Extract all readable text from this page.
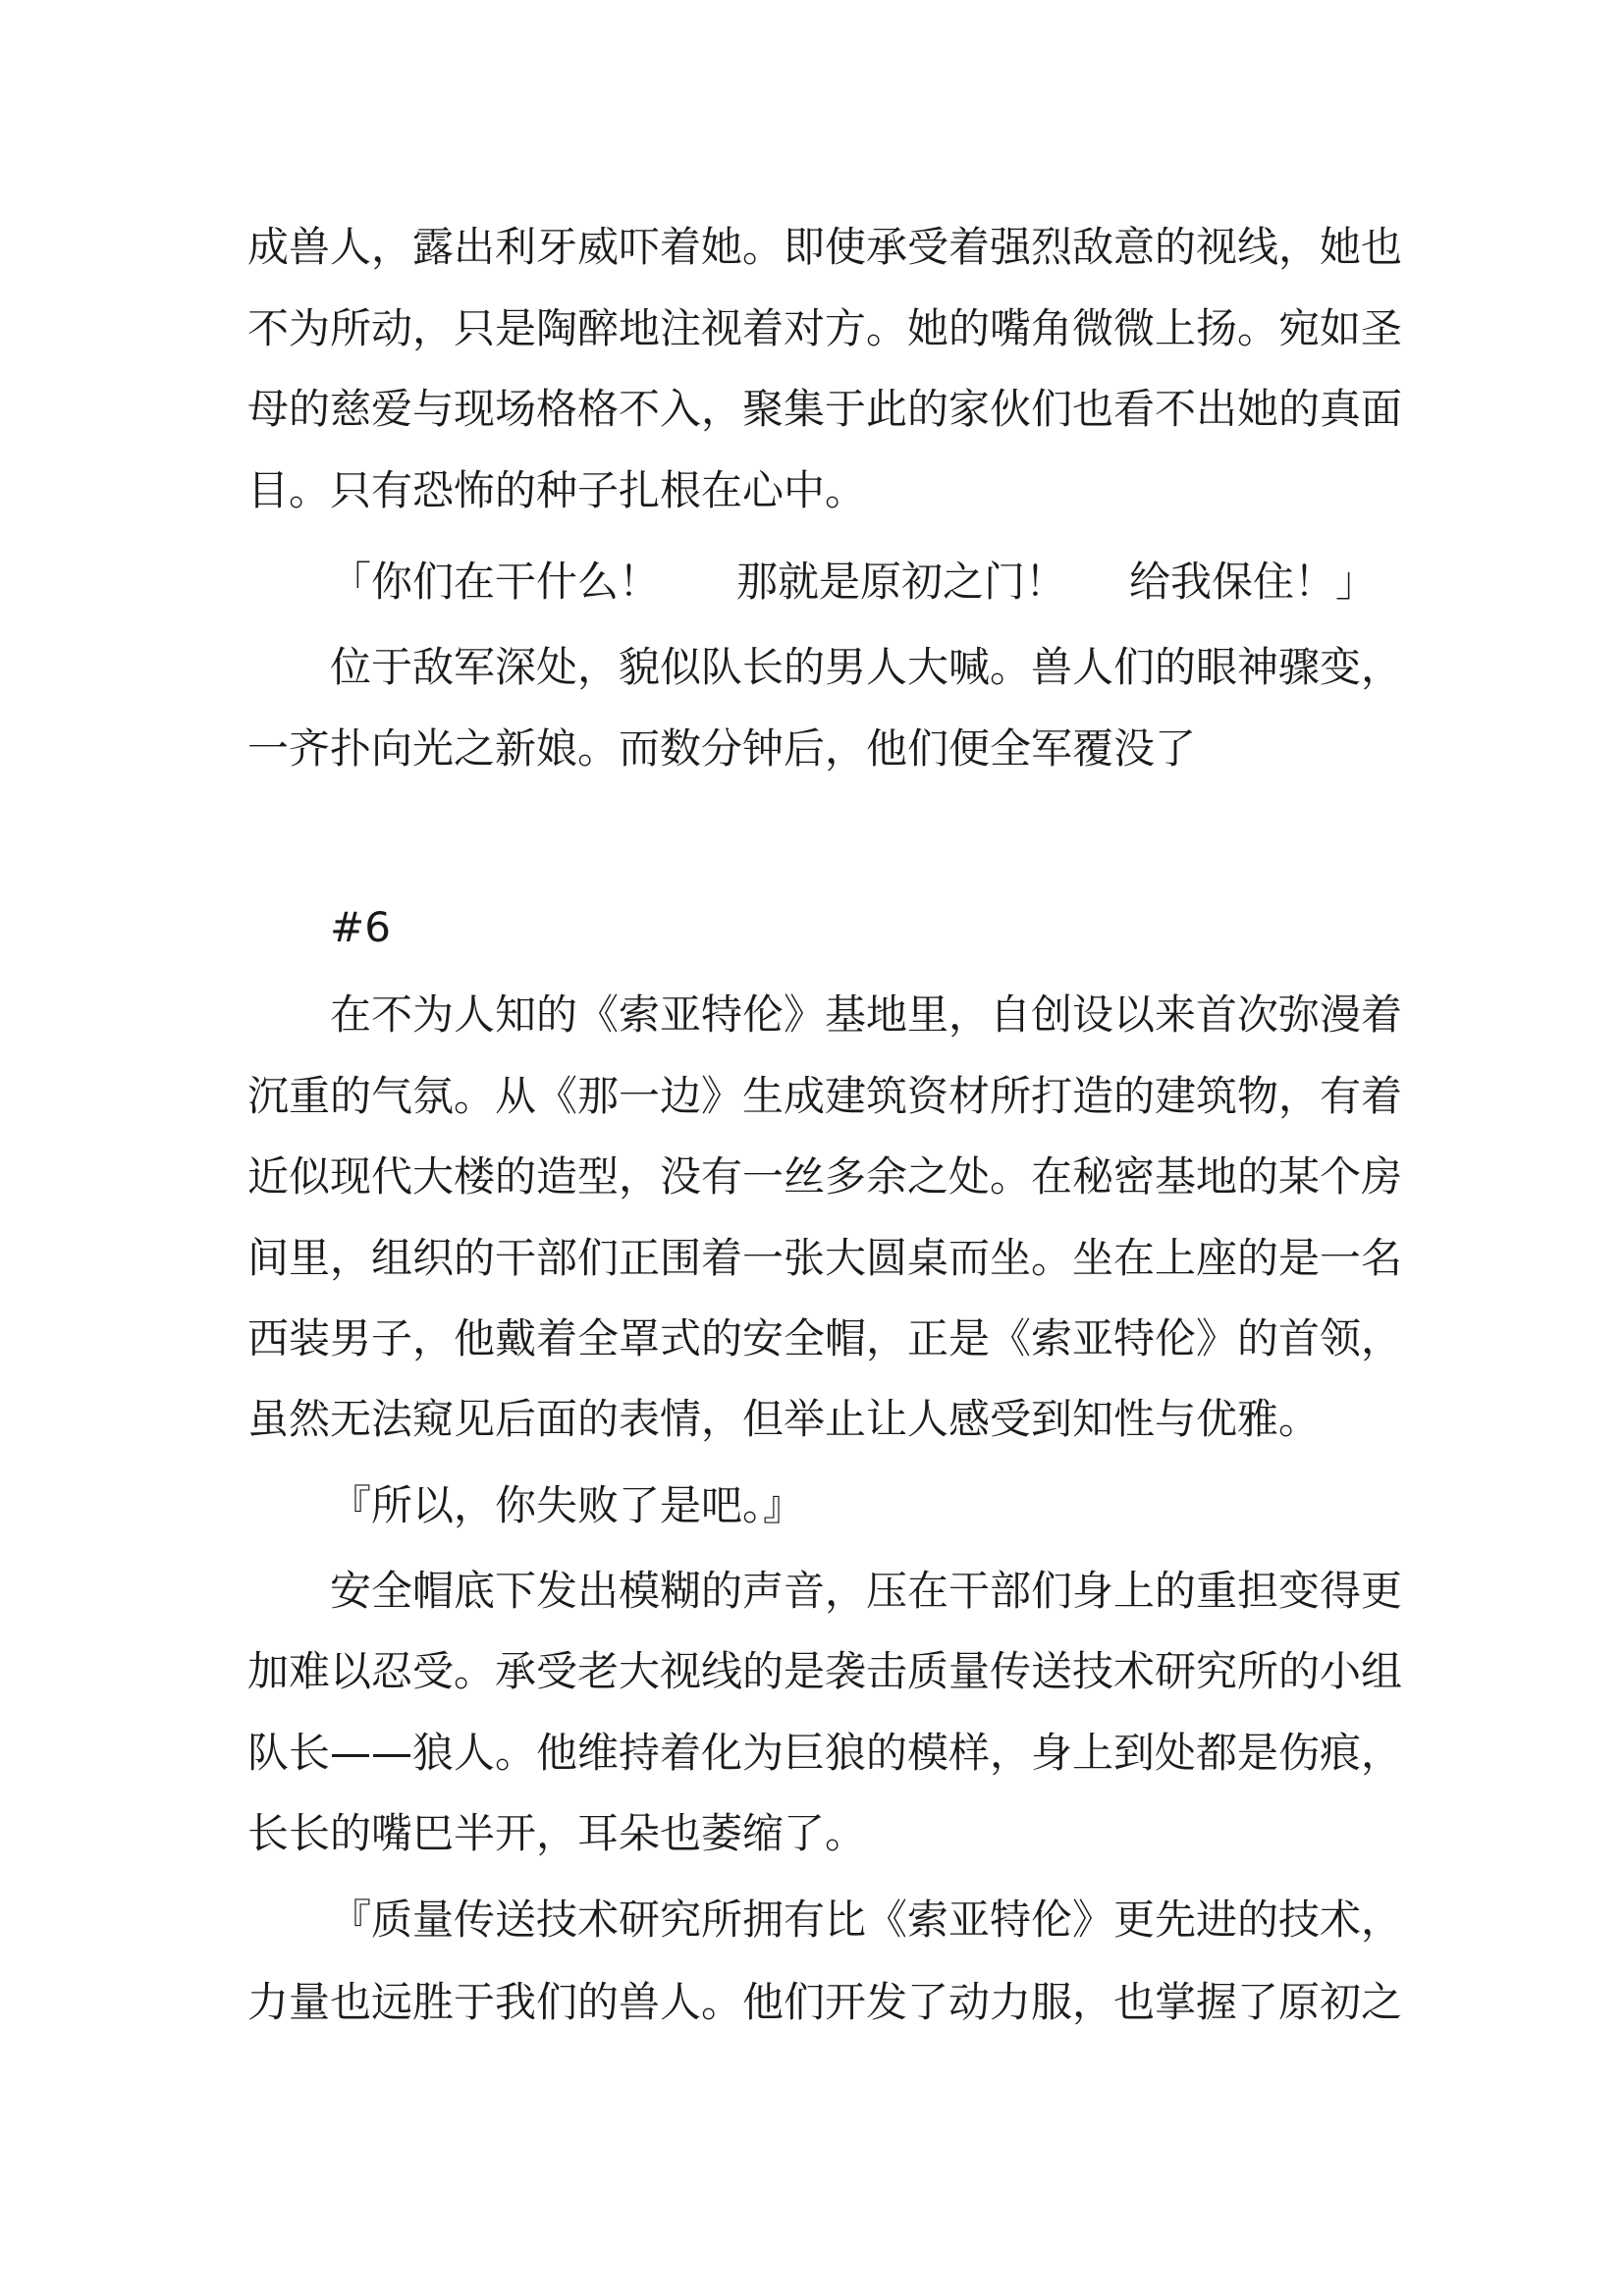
成兽人，露出利牙威吓着她。即使承受着强烈敌意的视线，她也
不为所动，只是陶醉地注视着对方。她的嘴角微微上扬。宛如圣
母的慈爱与现场格格不入，聚集于此的家伙们也看不出她的真面
目。只有恐怖的种子扎根在心中。
「你们在干什么！ 那就是原初之门！ 给我保住！」
位于敌军深处，貌似队长的男人大喊。兽人们的眼神骤变，
一齐扑向光之新娘。而数分钟后，他们便全军覆没了
#6
在不为人知的《索亚特伦》基地里，自创设以来首次弥漫着
沉重的气氛。从《那一边》生成建筑资材所打造的建筑物，有着
近似现代大楼的造型，没有一丝多余之处。在秘密基地的某个房
间里，组织的干部们正围着一张大圆桌而坐。坐在上座的是一名
西装男子，他戴着全罩式的安全帽，正是《索亚特伦》的首领，
虽然无法窥见后面的表情，但举止让人感受到知性与优雅。
『所以，你失败了是吧。』
安全帽底下发出模糊的声音，压在干部们身上的重担变得更
加难以忍受。承受老大视线的是袭击质量传送技术研究所的小组
队长——狼人。他维持着化为巨狼的模样，身上到处都是伤痕，
长长的嘴巴半开，耳朵也萎缩了。
『质量传送技术研究所拥有比《索亚特伦》更先进的技术，
力量也远胜于我们的兽人。他们开发了动力服，也掌握了原初之
